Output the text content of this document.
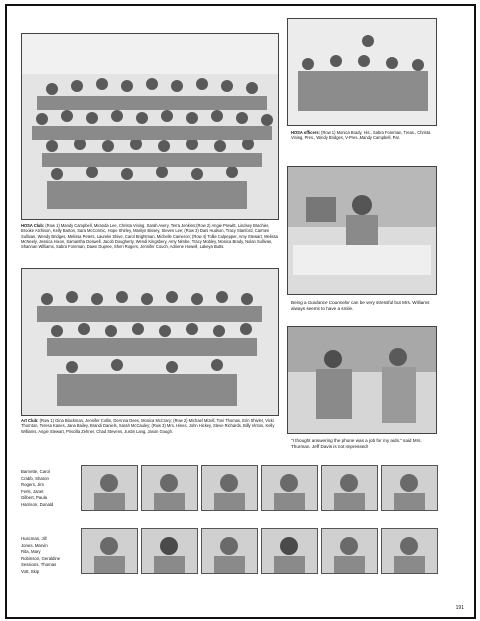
HOSA Club: (Row 1) Mandy Campbell, Miranda Lee, Christa Vining, Sarah Avery, Terra Jenkins;(Row 2) Angie Prewitt, Lindsey Brachier, Brooke Atchison, Kelly Barton, Sara McCormic, Hope Shirley, Marilyn Bissey, Steven Lee; (Row 3) Dani Hudson, Tracy Stanford, Carmen Sullivan, Wendy Bridges, Melissa Peters, Laurelei Shive, Carol Brightman, Michelle Cameron; (Row 4) Tollie Culpepper, Amy Stewart, Melissa McNeely, Jessica Hixon, Samantha Doswell, Jacob Dougherty, Wendi Kingsbery, Amy Nimbe, Tracy Mobley, Monica Brady, Nolan Sullivan, Shannan Williams, Sabra Foreman, Dawn Dupree, Sheri Rogers, Jennifer Couch, Adriene Howell, Lakeya Butts.
HOSA officers: (Row 1) Monica Brady, His., Sabra Foreman, Treas., Christa Vining, Pres., Windy Bridges, V-Pres.,Mandy Campbell, Par.
Being a Guidance Counselor can be very stressful but Mrs. Williams always seems to have a smile.
Art Club: (Row 1) Gina Blackman, Jennifer Collin, DeAnna Dees, Monica McCrary; (Row 2) Michael Mizell, Toni Thomas, Erin Shivler, Vicki Thornton, Teresa Kanes, Jana Bailey, Brandi Daniels, Sarah McCauley; (Row 3) Mrs. Hines, John Hickey, Steve Richards, Billy Vinton, Kelly Williams, Angie Stewart, Priscilla Zehner, Chad Stevens, Justin Lang, Jason Gough.
"I thought answering the phone was a job for my aids." said Mrs. Thurman. Jeff Davis is not impressed!
Barnette, Carol
Crabb, Sharon
Rogers, Jim
Ferls, Janet
Gilbert, Paula
Harrison, Donald
Huscman, Jill
Jones, Marvin
Rita, Mary
Robinson, Geraldine
Sessions, Thomas
Vott, Skip
191
